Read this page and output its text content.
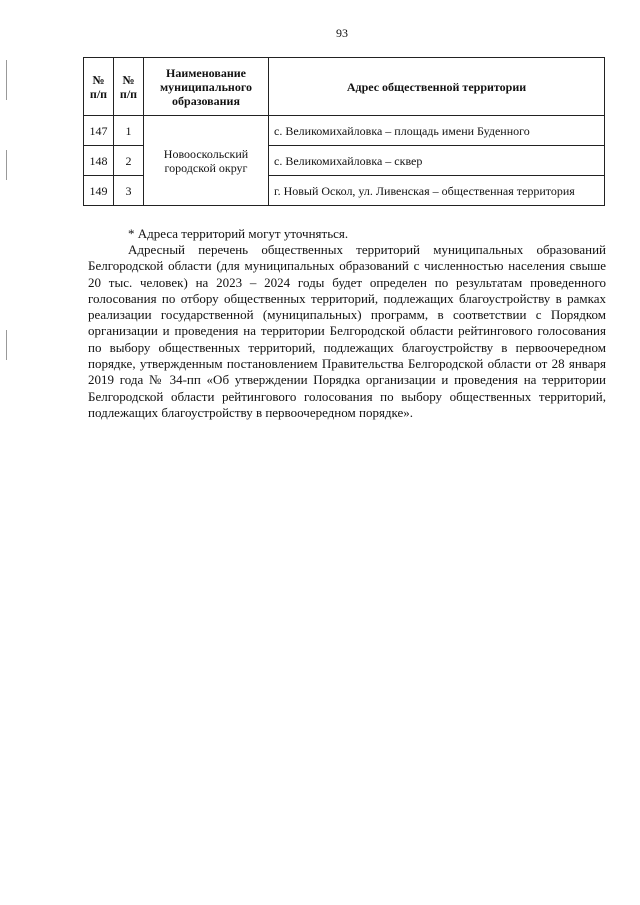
93
№ п/п	№ п/п	Наименование муниципального образования	Адрес общественной территории
147	1	Новооскольский городской округ	с. Великомихайловка – площадь имени Буденного
148	2		с. Великомихайловка – сквер
149	3		г. Новый Оскол, ул. Ливенская – общественная территория
* Адреса территорий могут уточняться.
Адресный перечень общественных территорий муниципальных образований Белгородской области (для муниципальных образований с численностью населения свыше 20 тыс. человек) на 2023 – 2024 годы будет определен по результатам проведенного голосования по отбору общественных территорий, подлежащих благоустройству в рамках реализации государственной (муниципальных) программ, в соответствии с Порядком организации и проведения на территории Белгородской области рейтингового голосования по выбору общественных территорий, подлежащих благоустройству в первоочередном порядке, утвержденным постановлением Правительства Белгородской области от 28 января 2019 года № 34-пп «Об утверждении Порядка организации и проведения на территории Белгородской области рейтингового голосования по выбору общественных территорий, подлежащих благоустройству в первоочередном порядке».
